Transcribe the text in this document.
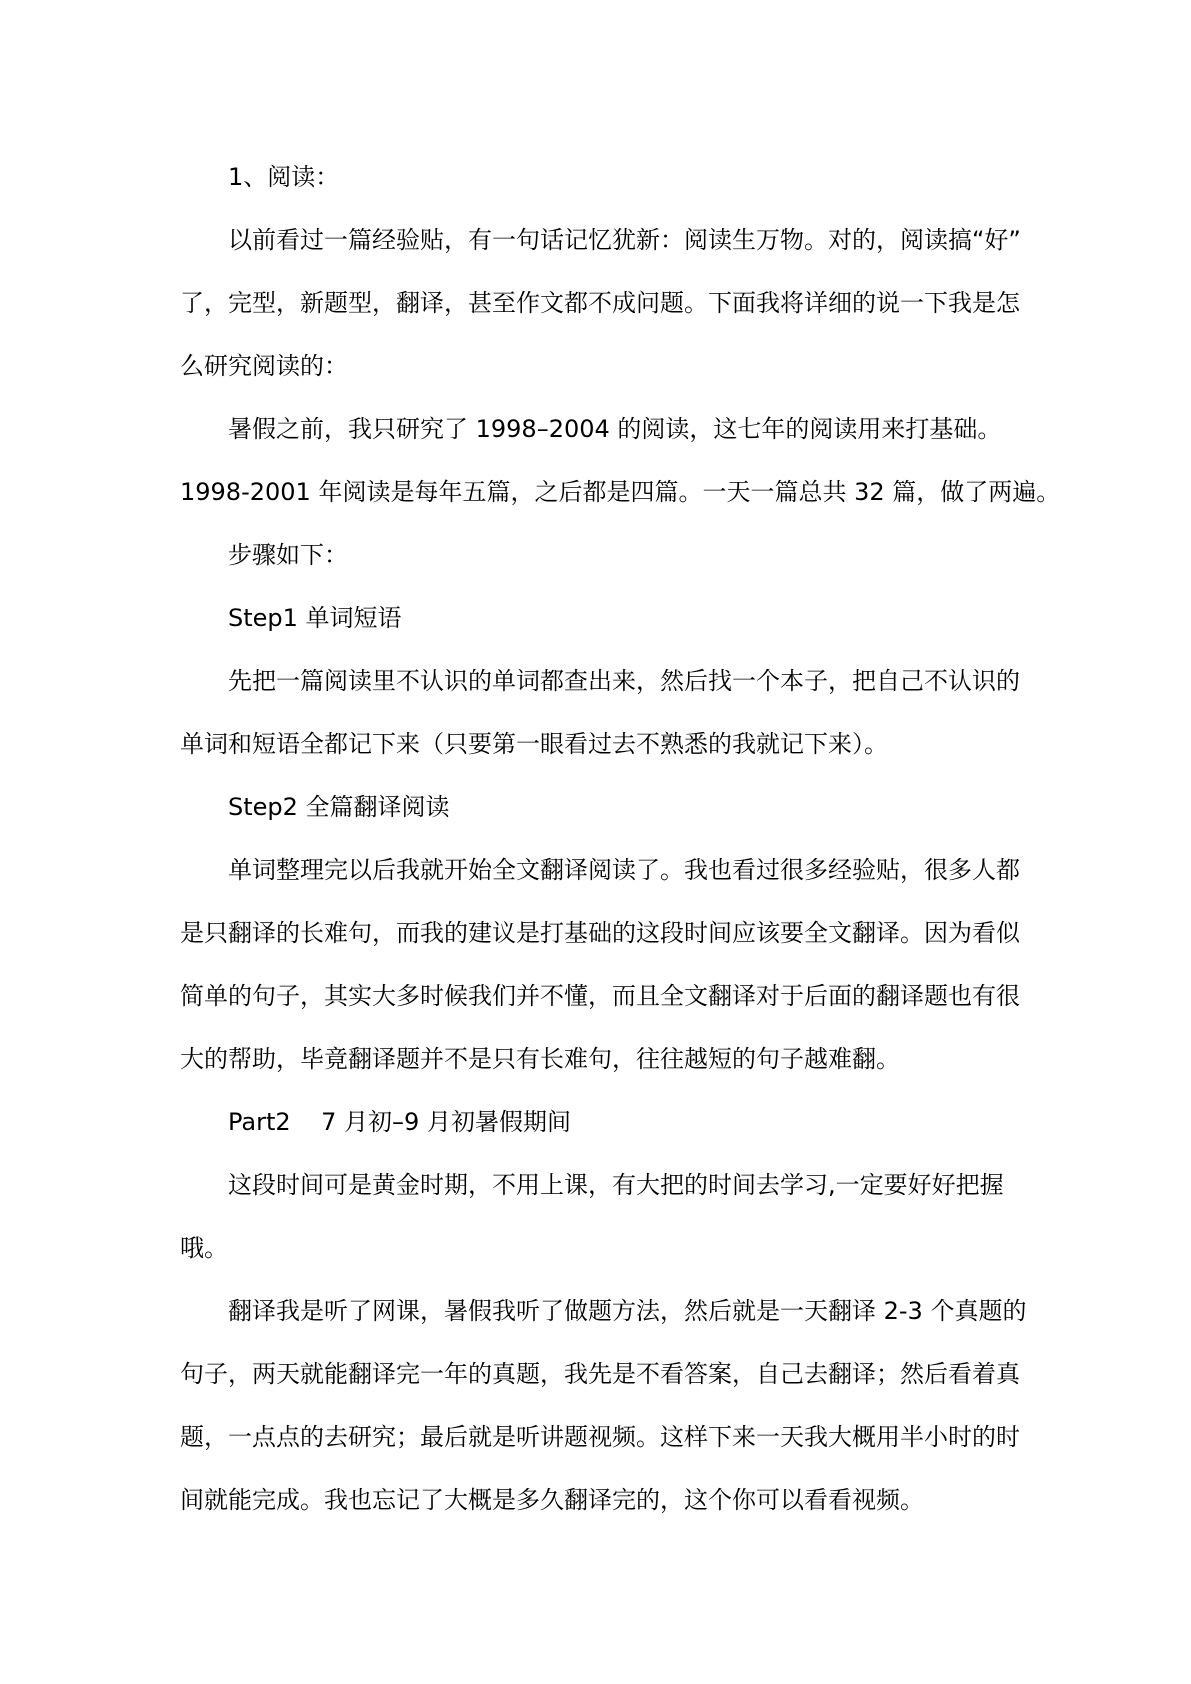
1、阅读：

以前看过一篇经验贴，有一句话记忆犹新：阅读生万物。对的，阅读搞“好”
了，完型，新题型，翻译，甚至作文都不成问题。下面我将详细的说一下我是怎
么研究阅读的：

暑假之前，我只研究了 1998–2004 的阅读，这七年的阅读用来打基础。
1998-2001 年阅读是每年五篇，之后都是四篇。一天一篇总共 32 篇，做了两遍。

步骤如下：

Step1 单词短语

先把一篇阅读里不认识的单词都查出来，然后找一个本子，把自己不认识的
单词和短语全都记下来（只要第一眼看过去不熟悉的我就记下来）。

Step2 全篇翻译阅读

单词整理完以后我就开始全文翻译阅读了。我也看过很多经验贴，很多人都
是只翻译的长难句，而我的建议是打基础的这段时间应该要全文翻译。因为看似
简单的句子，其实大多时候我们并不懂，而且全文翻译对于后面的翻译题也有很
大的帮助，毕竟翻译题并不是只有长难句，往往越短的句子越难翻。

Part2    7 月初–9 月初暑假期间

这段时间可是黄金时期，不用上课，有大把的时间去学习,一定要好好把握
哦。

翻译我是听了网课，暑假我听了做题方法，然后就是一天翻译 2-3 个真题的
句子，两天就能翻译完一年的真题，我先是不看答案，自己去翻译；然后看着真
题，一点点的去研究；最后就是听讲题视频。这样下来一天我大概用半小时的时
间就能完成。我也忘记了大概是多久翻译完的，这个你可以看看视频。
